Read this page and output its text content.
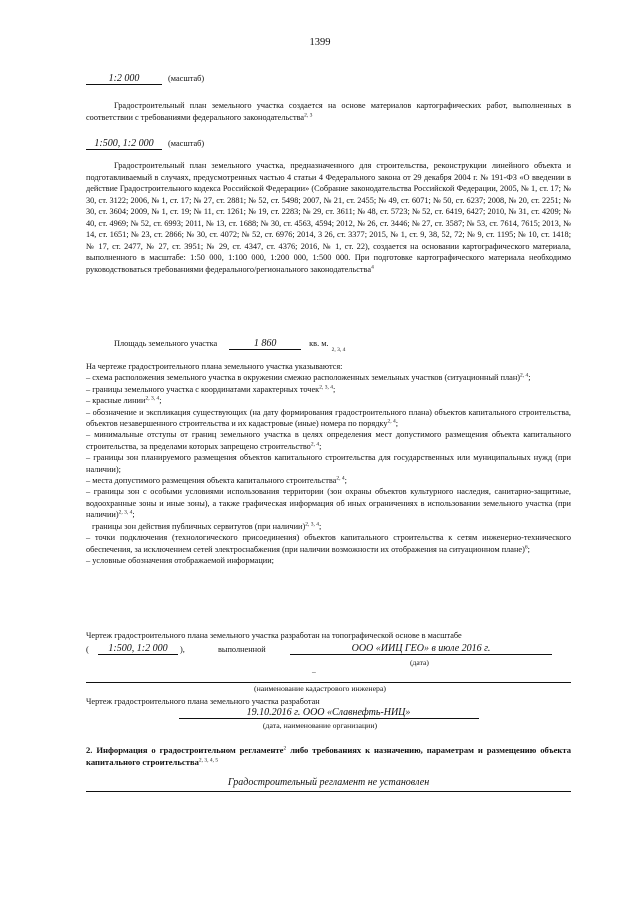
1399
1:2 000	(масштаб)
Градостроительный план земельного участка создается на основе материалов картографических работ, выполненных в соответствии с требованиями федерального законодательства$^{2, 3}$
1:500, 1:2 000	(масштаб)
Градостроительный план земельного участка, предназначенного для строительства, реконструкции линейного объекта и подготавливаемый в случаях, предусмотренных частью 4 статьи 4 Федерального закона от 29 декабря 2004 г. № 191-ФЗ «О введении в действие Градостроительного кодекса Российской Федерации» (Собрание законодательства Российской Федерации, 2005, № 1, ст. 17; № 30, ст. 3122; 2006, № 1, ст. 17; № 27, ст. 2881; № 52, ст. 5498; 2007, № 21, ст. 2455; № 49, ст. 6071; № 50, ст. 6237; 2008, № 20, ст. 2251; № 30, ст. 3604; 2009, № 1, ст. 19; № 11, ст. 1261; № 19, ст. 2283; № 29, ст. 3611; № 48, ст. 5723; № 52, ст. 6419, 6427; 2010, № 31, ст. 4209; № 40, ст. 4969; № 52, ст. 6993; 2011, № 13, ст. 1688; № 30, ст. 4563, 4594; 2012, № 26, ст. 3446; № 27, ст. 3587; № 53, ст. 7614, 7615; 2013, № 14, ст. 1651; № 23, ст. 2866; № 30, ст. 4072; № 52, ст. 6976; 2014, 3 26, ст. 3377; 2015, № 1, ст. 9, 38, 52, 72; № 9, ст. 1195; № 10, ст. 1418; № 17, ст. 2477, № 27, ст. 3951; № 29, ст. 4347, ст. 4376; 2016, № 1, ст. 22), создается на основании картографического материала, выполненного в масштабе: 1:50 000, 1:100 000, 1:200 000, 1:500 000. При подготовке картографического материала необходимо руководствоваться требованиями федерального/регионального законодательства$^4$
Площадь земельного участка	1 860	кв. м.
2, 3, 4
На чертеже градостроительного плана земельного участка указываются:
– схема расположения земельного участка в окружении смежно расположенных земельных участков (ситуационный план)$^{2, 4}$;
– границы земельного участка с координатами характерных точек$^{2, 3, 4}$;
– красные линии$^{2, 3, 4}$;
– обозначение и экспликация существующих (на дату формирования градостроительного плана) объектов капитального строительства, объектов незавершенного строительства и их кадастровые (иные) номера по порядку$^{2, 4}$;
– минимальные отступы от границ земельного участка в целях определения мест допустимого размещения объекта капитального строительства, за пределами которых запрещено строительство$^{2, 4}$;
– границы зон планируемого размещения объектов капитального строительства для государственных или муниципальных нужд (при наличии);
– места допустимого размещения объекта капитального строительства$^{2, 4}$;
– границы зон с особыми условиями использования территории (зон охраны объектов культурного наследия, санитарно-защитные, водоохранные зоны и иные зоны), а также графическая информация об иных ограничениях в использовании земельного участка (при наличии)$^{2, 3, 4}$;
границы зон действия публичных сервитутов (при наличии)$^{2, 3, 4}$;
– точки подключения (технологического присоединения) объектов капитального строительства к сетям инженерно-технического обеспечения, за исключением сетей электроснабжения (при наличии возможности их отображения на ситуационном плане)$^6$;
– условные обозначения отображаемой информации;
Чертеж градостроительного плана земельного участка разработан на топографической основе в масштабе
(	1:500, 1:2 000	),	выполненной	ООО «ИИЦ ГЕО» в июле 2016 г.
(дата)
–
(наименование кадастрового инженера)
Чертеж градостроительного плана земельного участка разработан
19.10.2016 г. ООО «Славнефть-НИЦ»
(дата, наименование организации)
2. Информация о градостроительном регламенте$^2$ либо требованиях к назначению, параметрам и размещению объекта капитального строительства$^{2, 3, 4, 5}$
Градостроительный регламент не установлен
